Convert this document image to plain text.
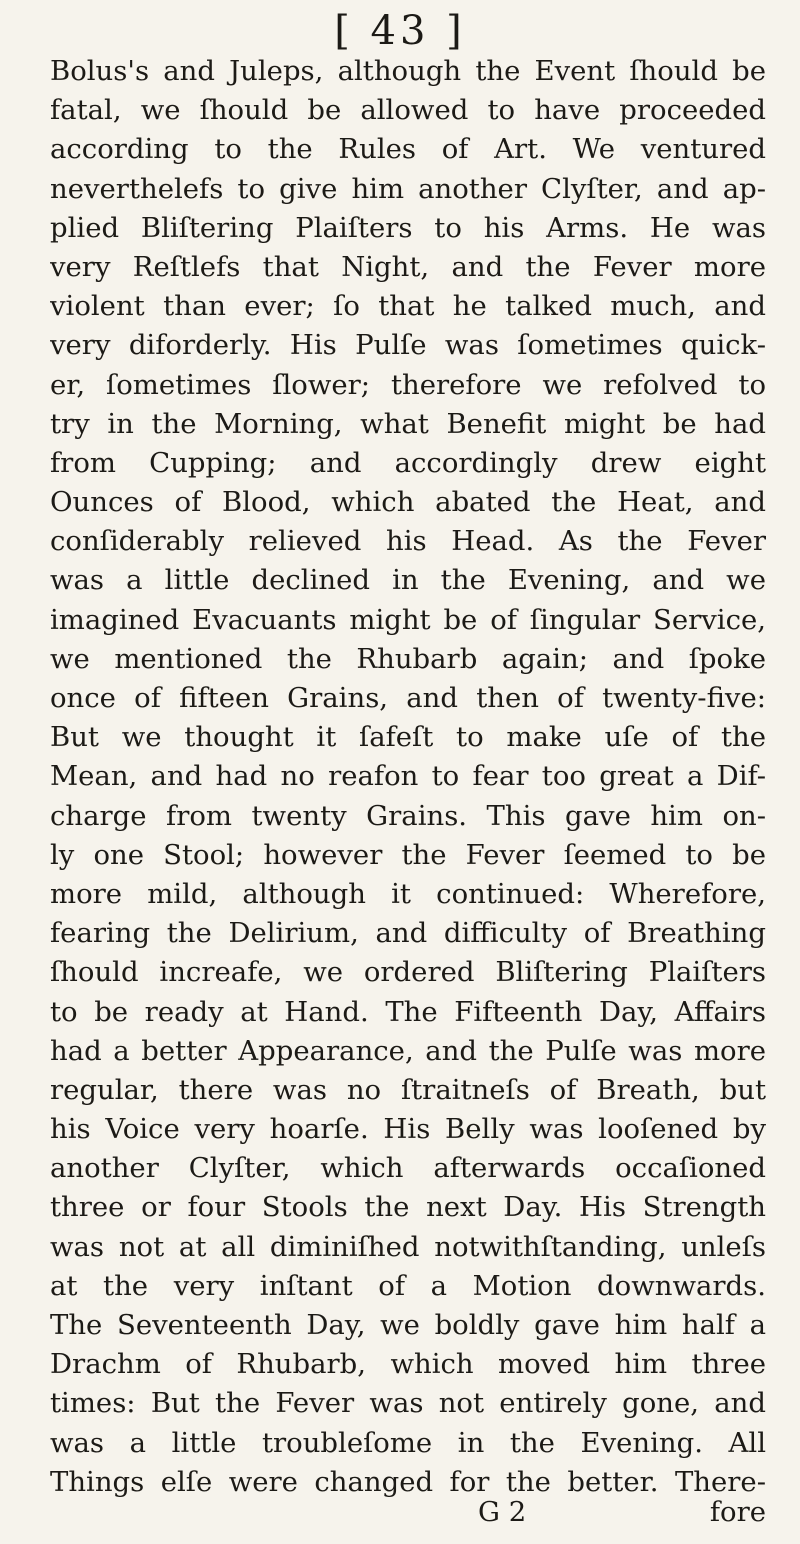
[ 43 ]
Bolus's and Juleps, although the Event ſhould be
fatal, we ſhould be allowed to have proceeded
according to the Rules of Art. We ventured
neverthelefs to give him another Clyſter, and ap-
plied Bliſtering Plaiſters to his Arms. He was
very Reſtlefs that Night, and the Fever more
violent than ever; ſo that he talked much, and
very diforderly. His Pulſe was ſometimes quick-
er, ſometimes ſlower; therefore we refolved to
try in the Morning, what Benefit might be had
from Cupping; and accordingly drew eight
Ounces of Blood, which abated the Heat, and
conſiderably relieved his Head. As the Fever
was a little declined in the Evening, and we
imagined Evacuants might be of ſingular Service,
we mentioned the Rhubarb again; and ſpoke
once of fifteen Grains, and then of twenty-five:
But we thought it ſafeſt to make uſe of the
Mean, and had no reafon to fear too great a Dif-
charge from twenty Grains. This gave him on-
ly one Stool; however the Fever ſeemed to be
more mild, although it continued: Wherefore,
fearing the Delirium, and difficulty of Breathing
ſhould increafe, we ordered Bliſtering Plaiſters
to be ready at Hand. The Fifteenth Day, Affairs
had a better Appearance, and the Pulſe was more
regular, there was no ſtraitneſs of Breath, but
his Voice very hoarſe. His Belly was looſened by
another Clyſter, which afterwards occaſioned
three or four Stools the next Day. His Strength
was not at all diminiſhed notwithſtanding, unleſs
at the very inſtant of a Motion downwards.
The Seventeenth Day, we boldly gave him half a
Drachm of Rhubarb, which moved him three
times: But the Fever was not entirely gone, and
was a little troubleſome in the Evening. All
Things elſe were changed for the better. There-
G 2	fore
